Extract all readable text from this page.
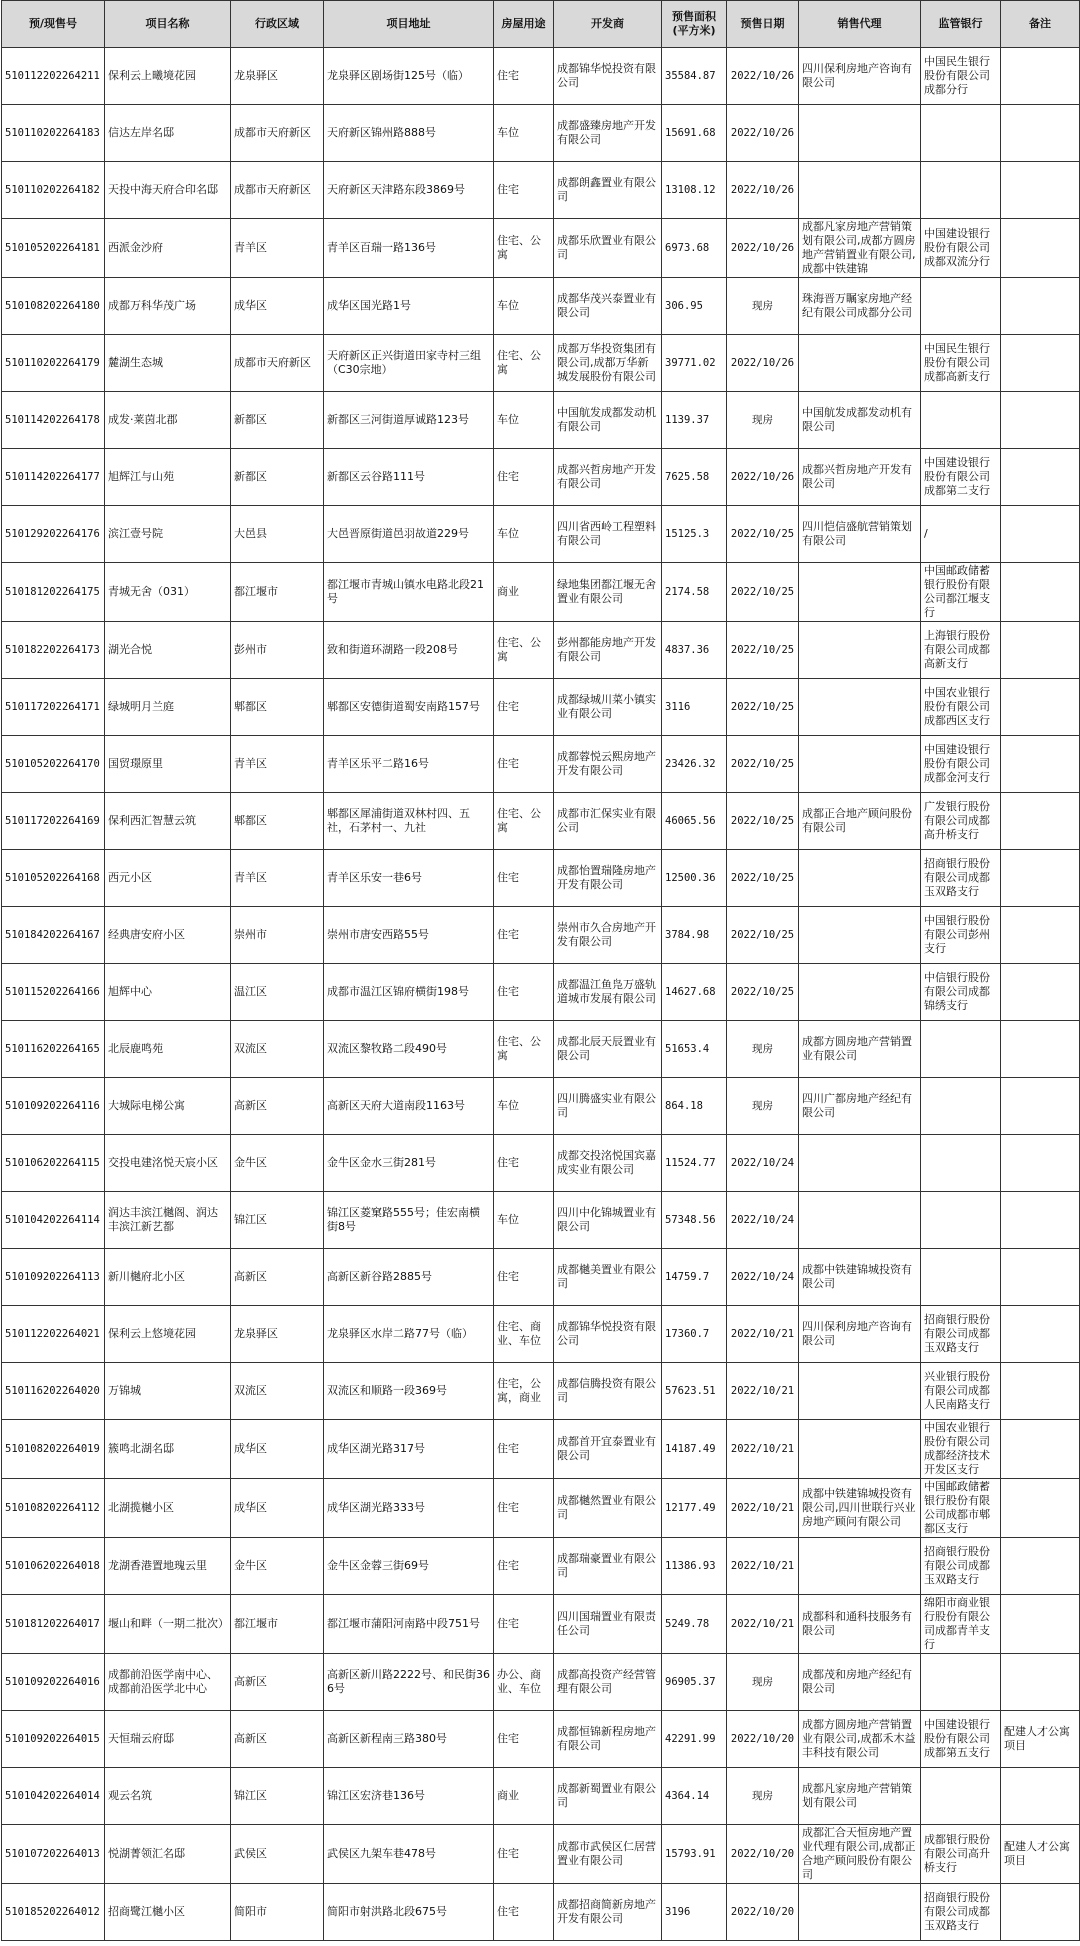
预/现售号	项目名称	行政区域	项目地址	房屋用途	开发商	预售面积(平方米)	预售日期	销售代理	监管银行	备注
510112202264211	保利云上曦境花园	龙泉驿区	龙泉驿区剧场街125号（临）	住宅	成都锦华悦投资有限公司	35584.87	2022/10/26	四川保利房地产咨询有限公司	中国民生银行股份有限公司成都分行	
510110202264183	信达左岸名邸	成都市天府新区	天府新区锦州路888号	车位	成都盛臻房地产开发有限公司	15691.68	2022/10/26			
510110202264182	天投中海天府合印名邸	成都市天府新区	天府新区天津路东段3869号	住宅	成都朗鑫置业有限公司	13108.12	2022/10/26			
510105202264181	西派金沙府	青羊区	青羊区百瑞一路136号	住宅、公寓	成都乐欣置业有限公司	6973.68	2022/10/26	成都凡家房地产营销策划有限公司,成都方圆房地产营销置业有限公司,成都中铁建锦	中国建设银行股份有限公司成都双流分行	
510108202264180	成都万科华茂广场	成华区	成华区国光路1号	车位	成都华茂兴泰置业有限公司	306.95	现房	珠海晋万瞩家房地产经纪有限公司成都分公司		
510110202264179	麓湖生态城	成都市天府新区	天府新区正兴街道田家寺村三组（C30宗地）	住宅、公寓	成都万华投资集团有限公司,成都万华新城发展股份有限公司	39771.02	2022/10/26		中国民生银行股份有限公司成都高新支行	
510114202264178	成发·莱茵北郡	新都区	新都区三河街道厚诚路123号	车位	中国航发成都发动机有限公司	1139.37	现房	中国航发成都发动机有限公司		
510114202264177	旭辉江与山苑	新都区	新都区云谷路111号	住宅	成都兴哲房地产开发有限公司	7625.58	2022/10/26	成都兴哲房地产开发有限公司	中国建设银行股份有限公司成都第二支行	
510129202264176	滨江壹号院	大邑县	大邑晋原街道邑羽故道229号	车位	四川省西岭工程塑料有限公司	15125.3	2022/10/25	四川恺信盛航营销策划有限公司	/	
510181202264175	青城无舍（031）	都江堰市	都江堰市青城山镇水电路北段21号	商业	绿地集团都江堰无舍置业有限公司	2174.58	2022/10/25		中国邮政储蓄银行股份有限公司都江堰支行	
510182202264173	湖光合悦	彭州市	致和街道环湖路一段208号	住宅、公寓	彭州都能房地产开发有限公司	4837.36	2022/10/25		上海银行股份有限公司成都高新支行	
510117202264171	绿城明月兰庭	郫都区	郫都区安德街道蜀安南路157号	住宅	成都绿城川菜小镇实业有限公司	3116	2022/10/25		中国农业银行股份有限公司成都西区支行	
510105202264170	国贸璟原里	青羊区	青羊区乐平二路16号	住宅	成都蓉悦云熙房地产开发有限公司	23426.32	2022/10/25		中国建设银行股份有限公司成都金河支行	
510117202264169	保利西汇智慧云筑	郫都区	郫都区犀浦街道双林村四、五社，石茅村一、九社	住宅、公寓	成都市汇保实业有限公司	46065.56	2022/10/25	成都正合地产顾问股份有限公司	广发银行股份有限公司成都高升桥支行	
510105202264168	西元小区	青羊区	青羊区乐安一巷6号	住宅	成都怡置瑞隆房地产开发有限公司	12500.36	2022/10/25		招商银行股份有限公司成都玉双路支行	
510184202264167	经典唐安府小区	崇州市	崇州市唐安西路55号	住宅	崇州市久合房地产开发有限公司	3784.98	2022/10/25		中国银行股份有限公司彭州支行	
510115202264166	旭辉中心	温江区	成都市温江区锦府横街198号	住宅	成都温江鱼凫万盛轨道城市发展有限公司	14627.68	2022/10/25		中信银行股份有限公司成都锦绣支行	
510116202264165	北辰鹿鸣苑	双流区	双流区黎牧路二段490号	住宅、公寓	成都北辰天辰置业有限公司	51653.4	现房	成都方圆房地产营销置业有限公司		
510109202264116	大城际电梯公寓	高新区	高新区天府大道南段1163号	车位	四川腾盛实业有限公司	864.18	现房	四川广都房地产经纪有限公司		
510106202264115	交投电建洺悦天宸小区	金牛区	金牛区金水三街281号	住宅	成都交投洺悦国宾嘉成实业有限公司	11524.77	2022/10/24			
510104202264114	润达丰滨江樾阁、润达丰滨江新艺都	锦江区	锦江区菱窠路555号；佳宏南横街8号	车位	四川中化锦城置业有限公司	57348.56	2022/10/24			
510109202264113	新川樾府北小区	高新区	高新区新谷路2885号	住宅	成都樾美置业有限公司	14759.7	2022/10/24	成都中铁建锦城投资有限公司		
510112202264021	保利云上悠境花园	龙泉驿区	龙泉驿区水岸二路77号（临）	住宅、商业、车位	成都锦华悦投资有限公司	17360.7	2022/10/21	四川保利房地产咨询有限公司	招商银行股份有限公司成都玉双路支行	
510116202264020	万锦城	双流区	双流区和顺路一段369号	住宅，公寓，商业	成都信腾投资有限公司	57623.51	2022/10/21		兴业银行股份有限公司成都人民南路支行	
510108202264019	簇鸣北湖名邸	成华区	成华区湖光路317号	住宅	成都首开宜泰置业有限公司	14187.49	2022/10/21		中国农业银行股份有限公司成都经济技术开发区支行	
510108202264112	北湖揽樾小区	成华区	成华区湖光路333号	住宅	成都樾然置业有限公司	12177.49	2022/10/21	成都中铁建锦城投资有限公司,四川世联行兴业房地产顾问有限公司	中国邮政储蓄银行股份有限公司成都市郫都区支行	
510106202264018	龙湖香港置地瑰云里	金牛区	金牛区金蓉三街69号	住宅	成都瑞豪置业有限公司	11386.93	2022/10/21		招商银行股份有限公司成都玉双路支行	
510181202264017	堰山和畔（一期二批次）	都江堰市	都江堰市蒲阳河南路中段751号	住宅	四川国瑞置业有限责任公司	5249.78	2022/10/21	成都科和通科技服务有限公司	绵阳市商业银行股份有限公司成都青羊支行	
510109202264016	成都前沿医学南中心、成都前沿医学北中心	高新区	高新区新川路2222号、和民街366号	办公、商业、车位	成都高投资产经营管理有限公司	96905.37	现房	成都茂和房地产经纪有限公司		
510109202264015	天恒瑞云府邸	高新区	高新区新程南三路380号	住宅	成都恒锦新程房地产有限公司	42291.99	2022/10/20	成都方圆房地产营销置业有限公司,成都禾木益丰科技有限公司	中国建设银行股份有限公司成都第五支行	配建人才公寓项目
510104202264014	观云名筑	锦江区	锦江区宏济巷136号	商业	成都新蜀置业有限公司	4364.14	现房	成都凡家房地产营销策划有限公司		
510107202264013	悦湖菁领汇名邸	武侯区	武侯区九架车巷478号	住宅	成都市武侯区仁居营置业有限公司	15793.91	2022/10/20	成都汇合天恒房地产置业代理有限公司,成都正合地产顾问股份有限公司	成都银行股份有限公司高升桥支行	配建人才公寓项目
510185202264012	招商鹭江樾小区	简阳市	简阳市射洪路北段675号	住宅	成都招商简新房地产开发有限公司	3196	2022/10/20		招商银行股份有限公司成都玉双路支行	
